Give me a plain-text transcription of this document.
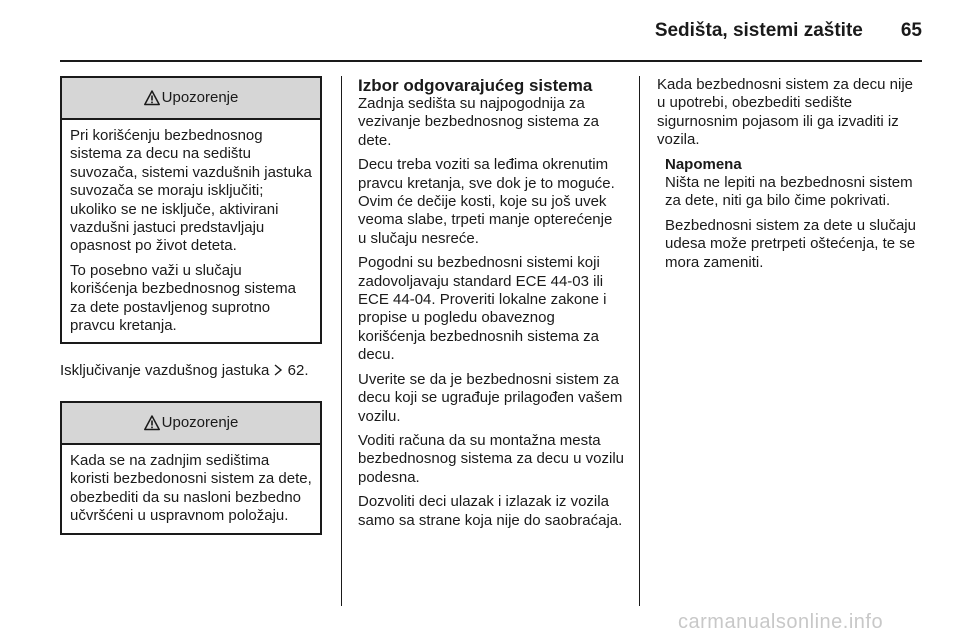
Sedišta, sistemi zaštite 65
Upozorenje

Pri korišćenju bezbednosnog sistema za decu na sedištu suvozača, sistemi vazdušnih jastuka suvozača se moraju isključiti; ukoliko se ne isključe, aktivirani vazdušni jastuci predstavljaju opasnost po život deteta.

To posebno važi u slučaju korišćenja bezbednosnog sistema za dete postavljenog suprotno pravcu kretanja.

Isključivanje vazdušnog jastuka 62.
Upozorenje

Kada se na zadnjim sedištima koristi bezbedonosni sistem za dete, obezbediti da su nasloni bezbedno učvršćeni u uspravnom položaju.

Izbor odgovarajućeg sistema

Zadnja sedišta su najpogodnija za vezivanje bezbednosnog sistema za dete.

Decu treba voziti sa leđima okrenutim pravcu kretanja, sve dok je to moguće. Ovim će dečije kosti, koje su još uvek veoma slabe, trpeti manje opterećenje u slučaju nesreće.

Pogodni su bezbednosni sistemi koji zadovoljavaju standard ECE 44-03 ili ECE 44-04. Proveriti lokalne zakone i propise u pogledu obaveznog korišćenja bezbednosnih sistema za decu.

Uverite se da je bezbednosni sistem za decu koji se ugrađuje prilagođen vašem vozilu.

Voditi računa da su montažna mesta bezbednosnog sistema za decu u vozilu podesna.

Dozvoliti deci ulazak i izlazak iz vozila samo sa strane koja nije do saobraćaja.

Kada bezbednosni sistem za decu nije u upotrebi, obezbediti sedište sigurnosnim pojasom ili ga izvaditi iz vozila.

Napomena

Ništa ne lepiti na bezbednosni sistem za dete, niti ga bilo čime pokrivati.

Bezbednosni sistem za dete u slučaju udesa može pretrpeti oštećenja, te se mora zameniti.

carmanualsonline.info
